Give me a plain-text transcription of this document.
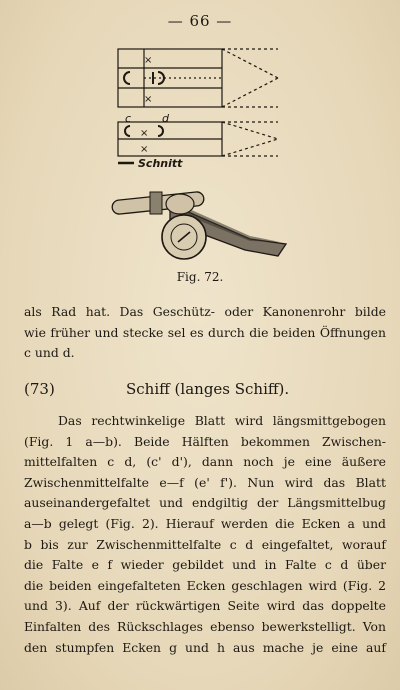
— 66 —
×
×
c	d
×
×
Schnitt
Fig. 72.
als Rad hat. Das Geschütz- oder Kanonenrohr bilde
wie früher und stecke sel es durch die beiden Öffnungen
c und d.
(73)	Schiff (langes Schiff).
Das rechtwinkelige Blatt wird längsmittgebogen
(Fig. 1 a—b). Beide Hälften bekommen Zwischen-
mittelfalten c d, (c' d'), dann noch je eine äußere
Zwischenmittelfalte e—f (e' f'). Nun wird das Blatt
auseinandergefaltet und endgiltig der Längsmittelbug
a—b gelegt (Fig. 2). Hierauf werden die Ecken a und
b bis zur Zwischenmittelfalte c d eingefaltet, worauf
die Falte e f wieder gebildet und in Falte c d über
die beiden eingefalteten Ecken geschlagen wird (Fig. 2
und 3). Auf der rückwärtigen Seite wird das doppelte
Einfalten des Rückschlages ebenso bewerkstelligt. Von
den stumpfen Ecken g und h aus mache je eine auf
